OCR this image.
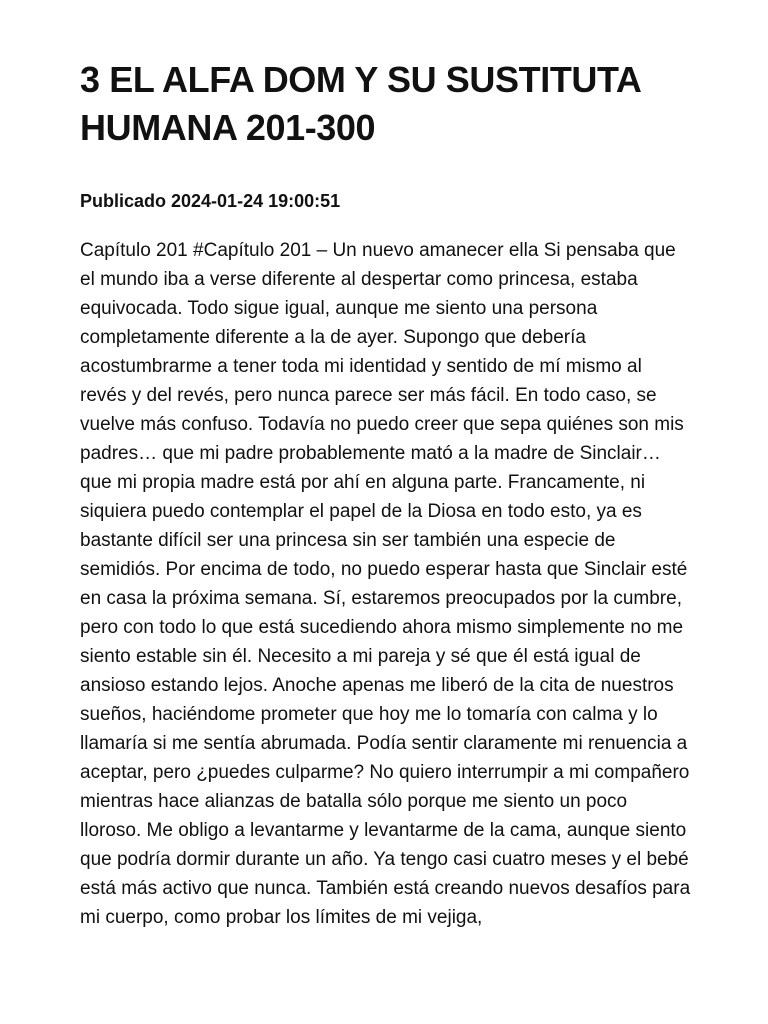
3 EL ALFA DOM Y SU SUSTITUTA HUMANA 201-300
Publicado 2024-01-24 19:00:51

Capítulo 201 #Capítulo 201 – Un nuevo amanecer ella Si pensaba que el mundo iba a verse diferente al despertar como princesa, estaba equivocada. Todo sigue igual, aunque me siento una persona completamente diferente a la de ayer. Supongo que debería acostumbrarme a tener toda mi identidad y sentido de mí mismo al revés y del revés, pero nunca parece ser más fácil. En todo caso, se vuelve más confuso. Todavía no puedo creer que sepa quiénes son mis padres… que mi padre probablemente mató a la madre de Sinclair… que mi propia madre está por ahí en alguna parte. Francamente, ni siquiera puedo contemplar el papel de la Diosa en todo esto, ya es bastante difícil ser una princesa sin ser también una especie de semidiós. Por encima de todo, no puedo esperar hasta que Sinclair esté en casa la próxima semana. Sí, estaremos preocupados por la cumbre, pero con todo lo que está sucediendo ahora mismo simplemente no me siento estable sin él. Necesito a mi pareja y sé que él está igual de ansioso estando lejos. Anoche apenas me liberó de la cita de nuestros sueños, haciéndome prometer que hoy me lo tomaría con calma y lo llamaría si me sentía abrumada. Podía sentir claramente mi renuencia a aceptar, pero ¿puedes culparme? No quiero interrumpir a mi compañero mientras hace alianzas de batalla sólo porque me siento un poco lloroso. Me obligo a levantarme y levantarme de la cama, aunque siento que podría dormir durante un año. Ya tengo casi cuatro meses y el bebé está más activo que nunca. También está creando nuevos desafíos para mi cuerpo, como probar los límites de mi vejiga,
